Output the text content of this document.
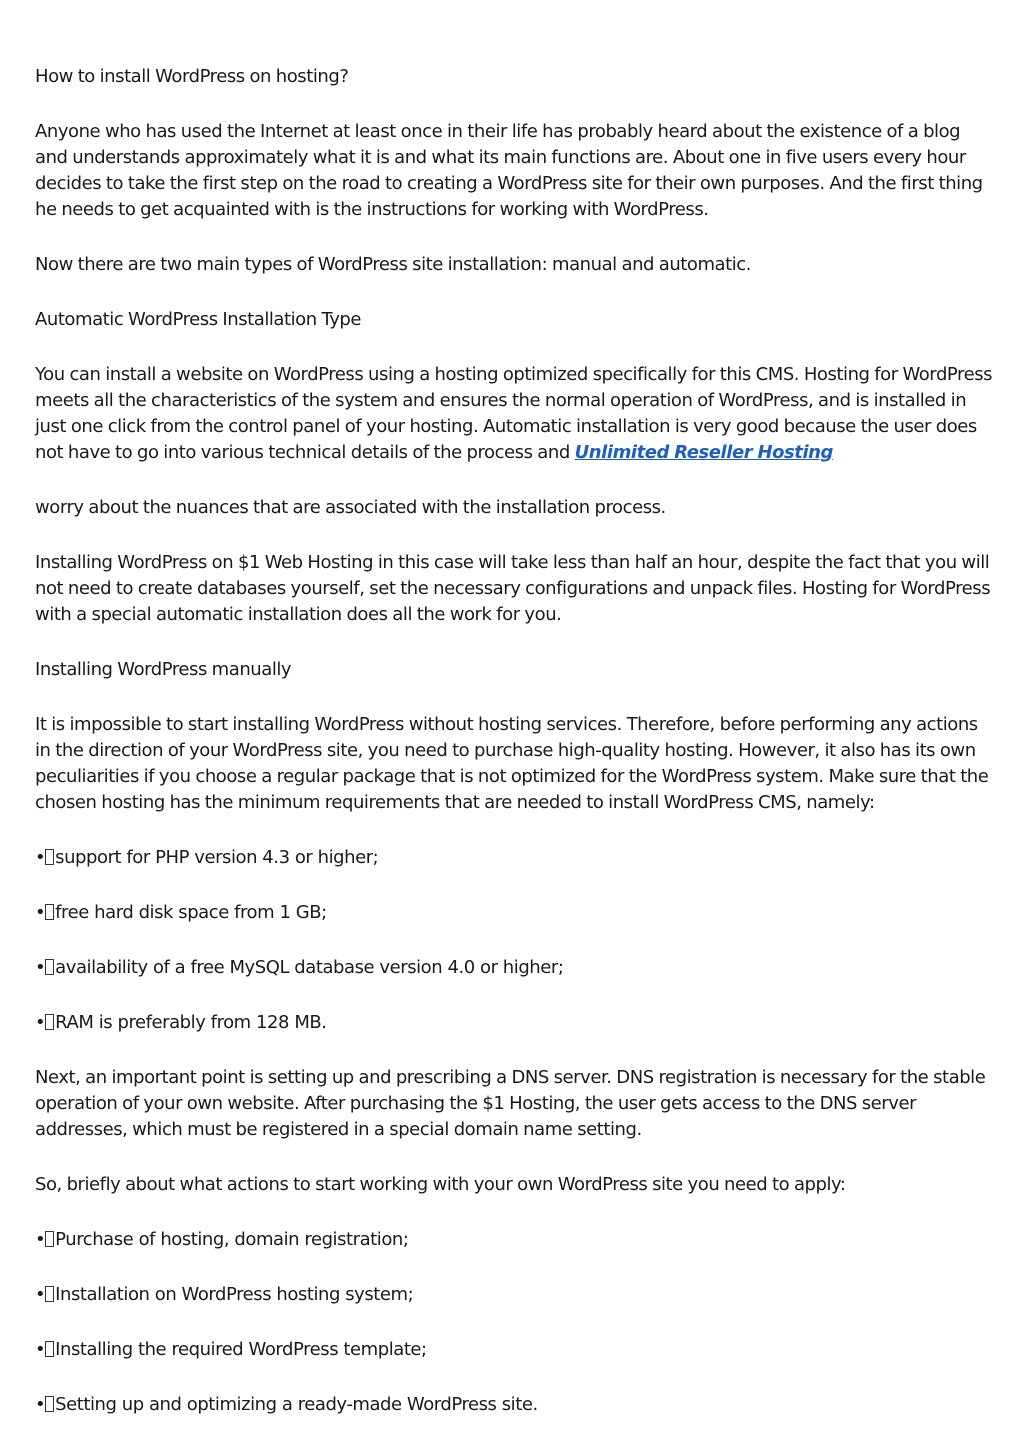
How to install WordPress on hosting?

Anyone who has used the Internet at least once in their life has probably heard about the existence of a blog and understands approximately what it is and what its main functions are. About one in five users every hour decides to take the first step on the road to creating a WordPress site for their own purposes. And the first thing he needs to get acquainted with is the instructions for working with WordPress.

Now there are two main types of WordPress site installation: manual and automatic.

Automatic WordPress Installation Type

You can install a website on WordPress using a hosting optimized specifically for this CMS. Hosting for WordPress meets all the characteristics of the system and ensures the normal operation of WordPress, and is installed in just one click from the control panel of your hosting. Automatic installation is very good because the user does not have to go into various technical details of the process and Unlimited Reseller Hosting

worry about the nuances that are associated with the installation process.

Installing WordPress on $1 Web Hosting in this case will take less than half an hour, despite the fact that you will not need to create databases yourself, set the necessary configurations and unpack files. Hosting for WordPress with a special automatic installation does all the work for you.

Installing WordPress manually

It is impossible to start installing WordPress without hosting services. Therefore, before performing any actions in the direction of your WordPress site, you need to purchase high-quality hosting. However, it also has its own peculiarities if you choose a regular package that is not optimized for the WordPress system. Make sure that the chosen hosting has the minimum requirements that are needed to install WordPress CMS, namely:

• support for PHP version 4.3 or higher;

• free hard disk space from 1 GB;

• availability of a free MySQL database version 4.0 or higher;

• RAM is preferably from 128 MB.

Next, an important point is setting up and prescribing a DNS server. DNS registration is necessary for the stable operation of your own website. After purchasing the $1 Hosting, the user gets access to the DNS server addresses, which must be registered in a special domain name setting.

So, briefly about what actions to start working with your own WordPress site you need to apply:

• Purchase of hosting, domain registration;

• Installation on WordPress hosting system;

• Installing the required WordPress template;

• Setting up and optimizing a ready-made WordPress site.
